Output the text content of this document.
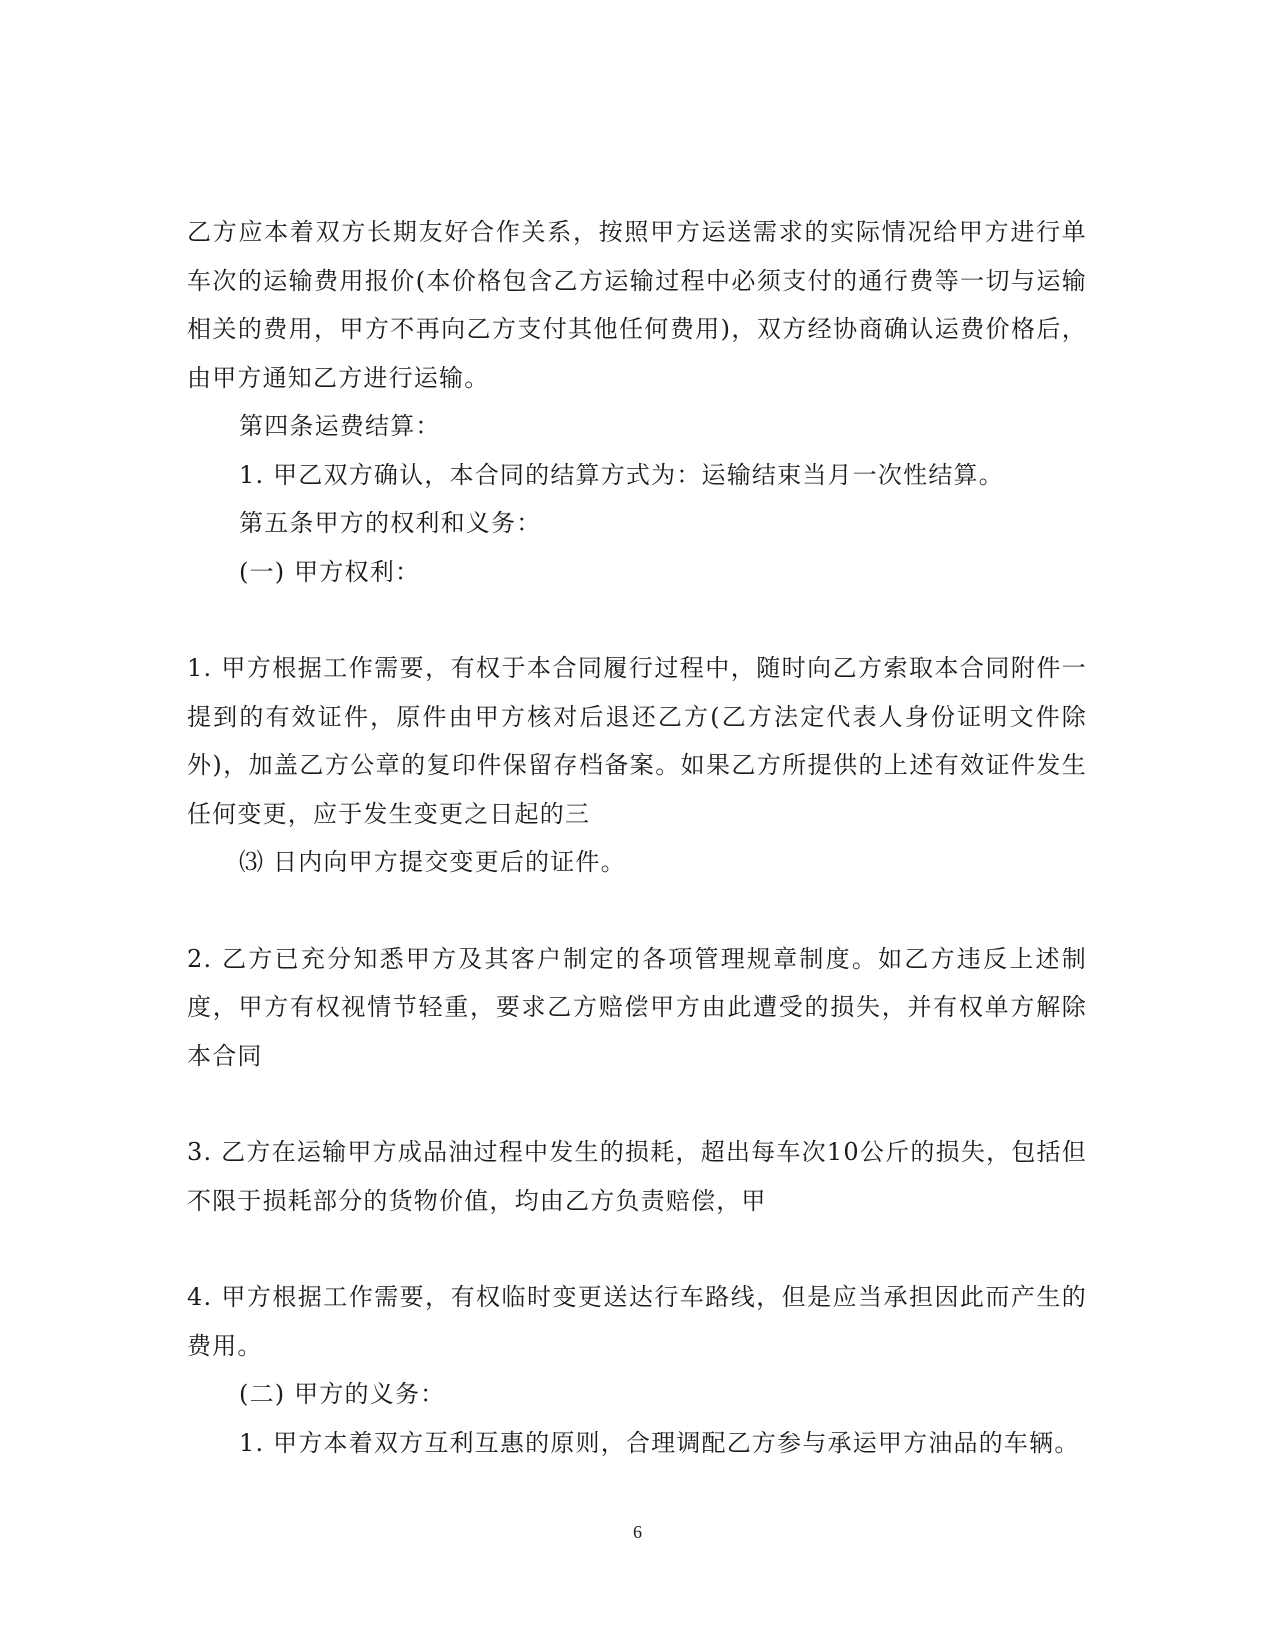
乙方应本着双方长期友好合作关系，按照甲方运送需求的实际情况给甲方进行单车次的运输费用报价(本价格包含乙方运输过程中必须支付的通行费等一切与运输相关的费用，甲方不再向乙方支付其他任何费用)，双方经协商确认运费价格后，由甲方通知乙方进行运输。

第四条运费结算：

1. 甲乙双方确认，本合同的结算方式为：运输结束当月一次性结算。

第五条甲方的权利和义务：

(一) 甲方权利：

1. 甲方根据工作需要，有权于本合同履行过程中，随时向乙方索取本合同附件一提到的有效证件，原件由甲方核对后退还乙方(乙方法定代表人身份证明文件除外)，加盖乙方公章的复印件保留存档备案。如果乙方所提供的上述有效证件发生任何变更，应于发生变更之日起的三

⑶ 日内向甲方提交变更后的证件。

2. 乙方已充分知悉甲方及其客户制定的各项管理规章制度。如乙方违反上述制度，甲方有权视情节轻重，要求乙方赔偿甲方由此遭受的损失，并有权单方解除本合同

3. 乙方在运输甲方成品油过程中发生的损耗，超出每车次10公斤的损失，包括但不限于损耗部分的货物价值，均由乙方负责赔偿，甲

4. 甲方根据工作需要，有权临时变更送达行车路线，但是应当承担因此而产生的费用。

(二) 甲方的义务：

1. 甲方本着双方互利互惠的原则，合理调配乙方参与承运甲方油品的车辆。

6
